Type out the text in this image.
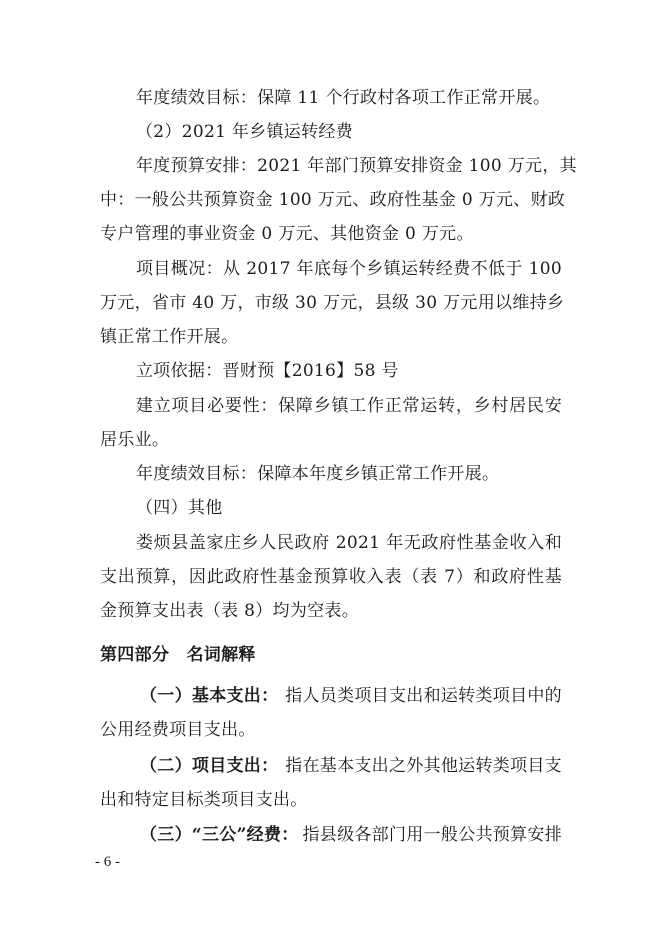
年度绩效目标：保障 11 个行政村各项工作正常开展。
（2）2021 年乡镇运转经费
年度预算安排：2021 年部门预算安排资金 100 万元，其
中：一般公共预算资金 100 万元、政府性基金 0 万元、财政
专户管理的事业资金 0 万元、其他资金 0 万元。
项目概况：从 2017 年底每个乡镇运转经费不低于 100
万元，省市 40 万，市级 30 万元，县级 30 万元用以维持乡
镇正常工作开展。
立项依据：晋财预【2016】58 号
建立项目必要性：保障乡镇工作正常运转，乡村居民安
居乐业。
年度绩效目标：保障本年度乡镇正常工作开展。
（四）其他
娄烦县盖家庄乡人民政府 2021 年无政府性基金收入和
支出预算，因此政府性基金预算收入表（表 7）和政府性基
金预算支出表（表 8）均为空表。
第四部分　名词解释
（一）基本支出： 指人员类项目支出和运转类项目中的
公用经费项目支出。
（二）项目支出： 指在基本支出之外其他运转类项目支
出和特定目标类项目支出。
（三）“三公”经费： 指县级各部门用一般公共预算安排
- 6 -
